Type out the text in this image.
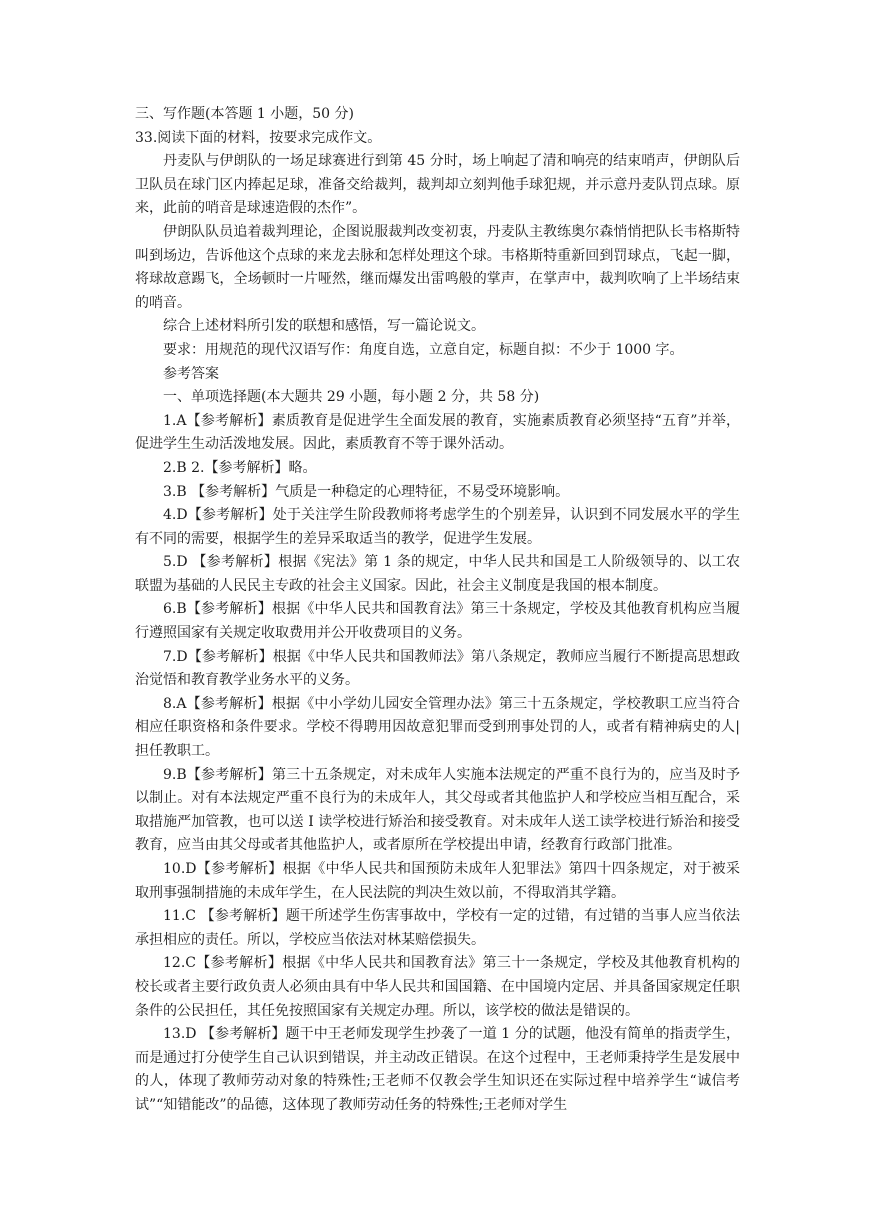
三、写作题(本答题 1 小题，50 分)

33.阅读下面的材料，按要求完成作文。

丹麦队与伊朗队的一场足球赛进行到第 45 分时，场上响起了清和响亮的结束哨声，伊朗队后卫队员在球门区内捧起足球，准备交给裁判，裁判却立刻判他手球犯规，并示意丹麦队罚点球。原来，此前的哨音是球速造假的杰作”。

伊朗队队员追着裁判理论，企图说服裁判改变初衷，丹麦队主教练奥尔森悄悄把队长韦格斯特叫到场边，告诉他这个点球的来龙去脉和怎样处理这个球。韦格斯特重新回到罚球点，飞起一脚，将球故意踢飞，全场顿时一片哑然，继而爆发出雷鸣般的掌声，在掌声中，裁判吹响了上半场结束的哨音。

综合上述材料所引发的联想和感悟，写一篇论说文。

要求：用规范的现代汉语写作：角度自选，立意自定，标题自拟：不少于 1000 字。

参考答案

一、单项选择题(本大题共 29 小题，每小题 2 分，共 58 分)

1.A【参考解析】素质教育是促进学生全面发展的教育，实施素质教育必须坚持“五育”并举，促进学生生动活泼地发展。因此，素质教育不等于课外活动。

2.B 2.【参考解析】略。

3.B 【参考解析】气质是一种稳定的心理特征，不易受环境影响。

4.D【参考解析】处于关注学生阶段教师将考虑学生的个别差异，认识到不同发展水平的学生有不同的需要，根据学生的差异采取适当的教学，促进学生发展。

5.D 【参考解析】根据《宪法》第 1 条的规定，中华人民共和国是工人阶级领导的、以工农联盟为基础的人民民主专政的社会主义国家。因此，社会主义制度是我国的根本制度。

6.B【参考解析】根据《中华人民共和国教育法》第三十条规定，学校及其他教育机构应当履行遵照国家有关规定收取费用并公开收费项目的义务。

7.D【参考解析】根据《中华人民共和国教师法》第八条规定，教师应当履行不断提高思想政治觉悟和教育教学业务水平的义务。

8.A【参考解析】根据《中小学幼儿园安全管理办法》第三十五条规定，学校教职工应当符合相应任职资格和条件要求。学校不得聘用因故意犯罪而受到刑事处罚的人，或者有精神病史的人|担任教职工。

9.B【参考解析】第三十五条规定，对未成年人实施本法规定的严重不良行为的，应当及时予以制止。对有本法规定严重不良行为的未成年人，其父母或者其他监护人和学校应当相互配合，采取措施严加管教，也可以送 I 读学校进行矫治和接受教育。对未成年人送工读学校进行矫治和接受教育，应当由其父母或者其他监护人，或者原所在学校提出申请，经教育行政部门批准。

10.D【参考解析】根据《中华人民共和国预防未成年人犯罪法》第四十四条规定，对于被采取刑事强制措施的未成年学生，在人民法院的判决生效以前，不得取消其学籍。

11.C 【参考解析】题干所述学生伤害事故中，学校有一定的过错，有过错的当事人应当依法承担相应的责任。所以，学校应当依法对林某赔偿损失。

12.C【参考解析】根据《中华人民共和国教育法》第三十一条规定，学校及其他教育机构的校长或者主要行政负责人必须由具有中华人民共和国国籍、在中国境内定居、并具备国家规定任职条件的公民担任，其任免按照国家有关规定办理。所以，该学校的做法是错误的。

13.D 【参考解析】题干中王老师发现学生抄袭了一道 1 分的试题，他没有简单的指责学生，而是通过打分使学生自己认识到错误，并主动改正错误。在这个过程中，王老师秉持学生是发展中的人，体现了教师劳动对象的特殊性;王老师不仅教会学生知识还在实际过程中培养学生“诚信考试”“知错能改”的品德，这体现了教师劳动任务的特殊性;王老师对学生
